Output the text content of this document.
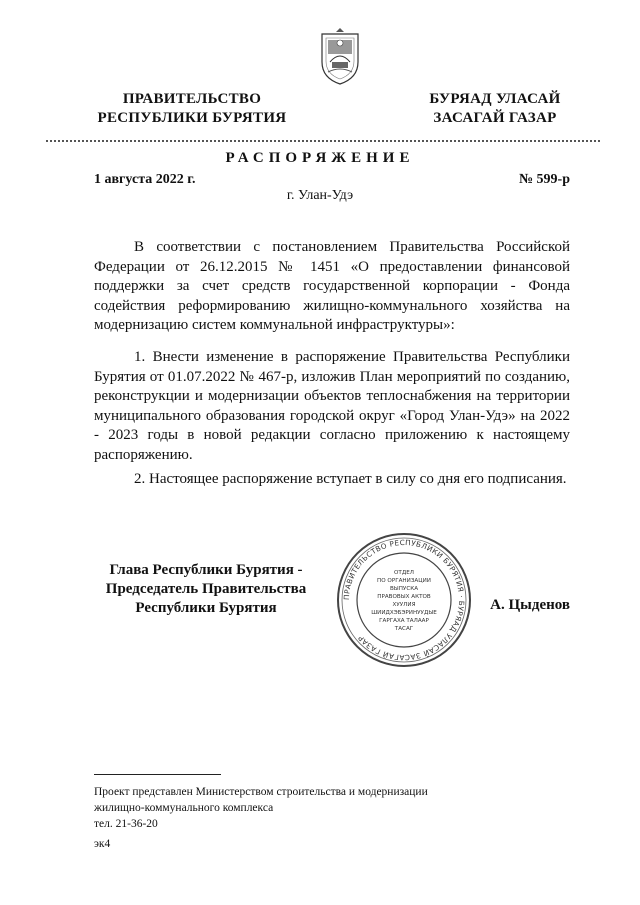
ПРАВИТЕЛЬСТВО
РЕСПУБЛИКИ БУРЯТИЯ
БУРЯАД УЛАСАЙ
ЗАСАГАЙ ГАЗАР
РАСПОРЯЖЕНИЕ
1 августа 2022 г.	№ 599-р
г. Улан-Удэ

В соответствии с постановлением Правительства Российской Федерации от 26.12.2015 № 1451 «О предоставлении финансовой поддержки за счет средств государственной корпорации - Фонда содействия реформированию жилищно-коммунального хозяйства на модернизацию систем коммунальной инфраструктуры»:

1. Внести изменение в распоряжение Правительства Республики Бурятия от 01.07.2022 № 467-р, изложив План мероприятий по созданию, реконструкции и модернизации объектов теплоснабжения на территории муниципального образования городской округ «Город Улан-Удэ» на 2022 - 2023 годы в новой редакции согласно приложению к настоящему распоряжению.

2. Настоящее распоряжение вступает в силу со дня его подписания.

Глава Республики Бурятия -
Председатель Правительства
Республики Бурятия	А. Цыденов
ПРАВИТЕЛЬСТВО РЕСПУБЛИКИ БУРЯТИЯ · БУРЯАД УЛАСАЙ ЗАСАГАЙ ГАЗАР
ОТДЕЛ
ПО ОРГАНИЗАЦИИ
ВЫПУСКА
ПРАВОВЫХ АКТОВ
ХУУЛИЯ
ШИИДХЭБЭРИНУУДЫЕ
ГАРГАХА ТАЛААР
ТАСАГ
Проект представлен Министерством строительства и модернизации
жилищно-коммунального комплекса
тел. 21-36-20
эк4
